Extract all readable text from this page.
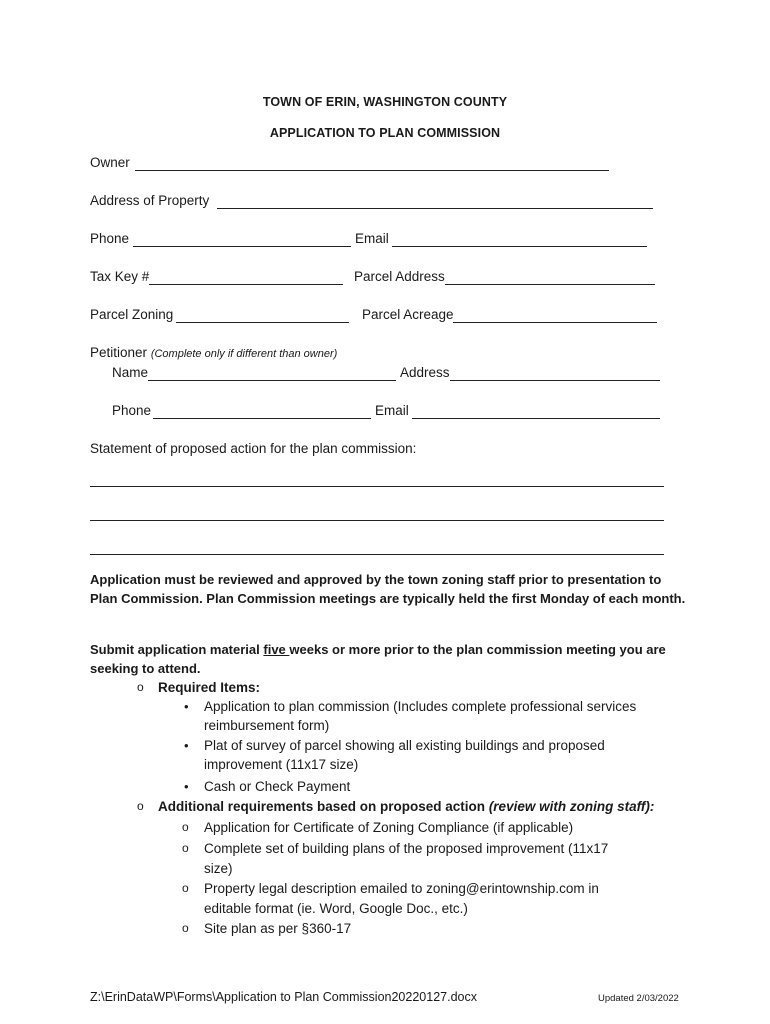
TOWN OF ERIN, WASHINGTON COUNTY
APPLICATION TO PLAN COMMISSION
Owner
Address of Property
Phone	Email
Tax Key #	Parcel Address
Parcel Zoning	Parcel Acreage
Petitioner (Complete only if different than owner)
Name	Address
Phone	Email
Statement of proposed action for the plan commission:
Application must be reviewed and approved by the town zoning staff prior to presentation to Plan Commission. Plan Commission meetings are typically held the first Monday of each month.
Submit application material five weeks or more prior to the plan commission meeting you are seeking to attend.
o Required Items:
• Application to plan commission (Includes complete professional services
reimbursement form)
• Plat of survey of parcel showing all existing buildings and proposed
improvement (11x17 size)
• Cash or Check Payment
o Additional requirements based on proposed action (review with zoning staff):
o Application for Certificate of Zoning Compliance (if applicable)
o Complete set of building plans of the proposed improvement (11x17
size)
o Property legal description emailed to zoning@erintownship.com in
editable format (ie. Word, Google Doc., etc.)
o Site plan as per §360-17
Z:\ErinDataWP\Forms\Application to Plan Commission20220127.docx	Updated 2/03/2022
